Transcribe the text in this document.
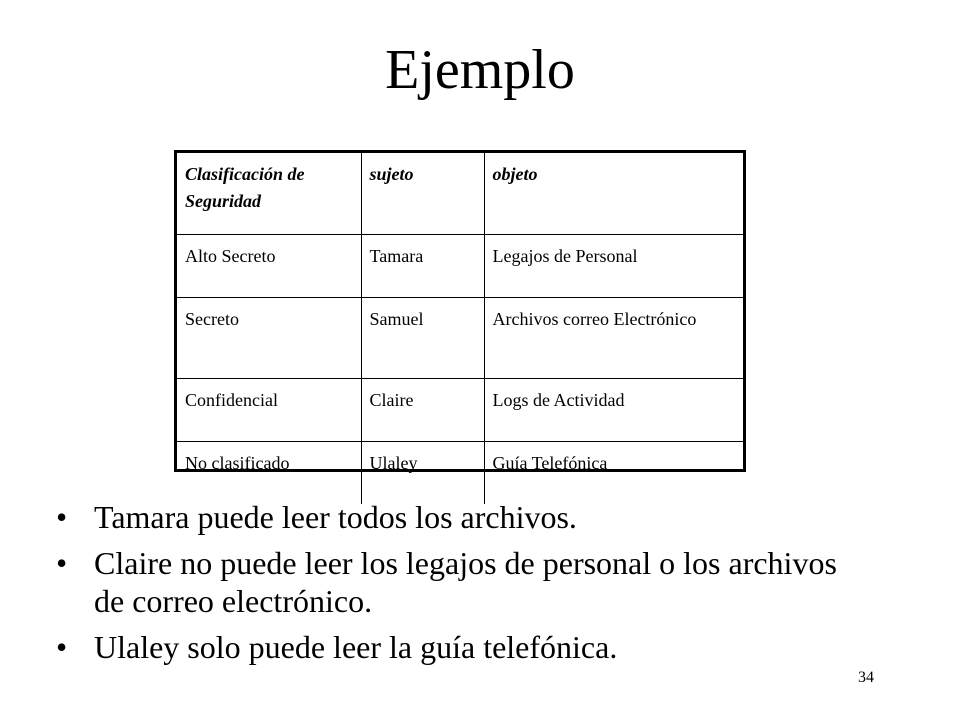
Ejemplo
Clasificación de Seguridad	sujeto	objeto
Alto Secreto	Tamara	Legajos de Personal
Secreto	Samuel	Archivos correo Electrónico
Confidencial	Claire	Logs de Actividad
No clasificado	Ulaley	Guía Telefónica
• Tamara puede leer todos los archivos.
• Claire no puede leer los legajos de personal o los archivos de correo electrónico.
• Ulaley solo puede leer la guía telefónica.
34
